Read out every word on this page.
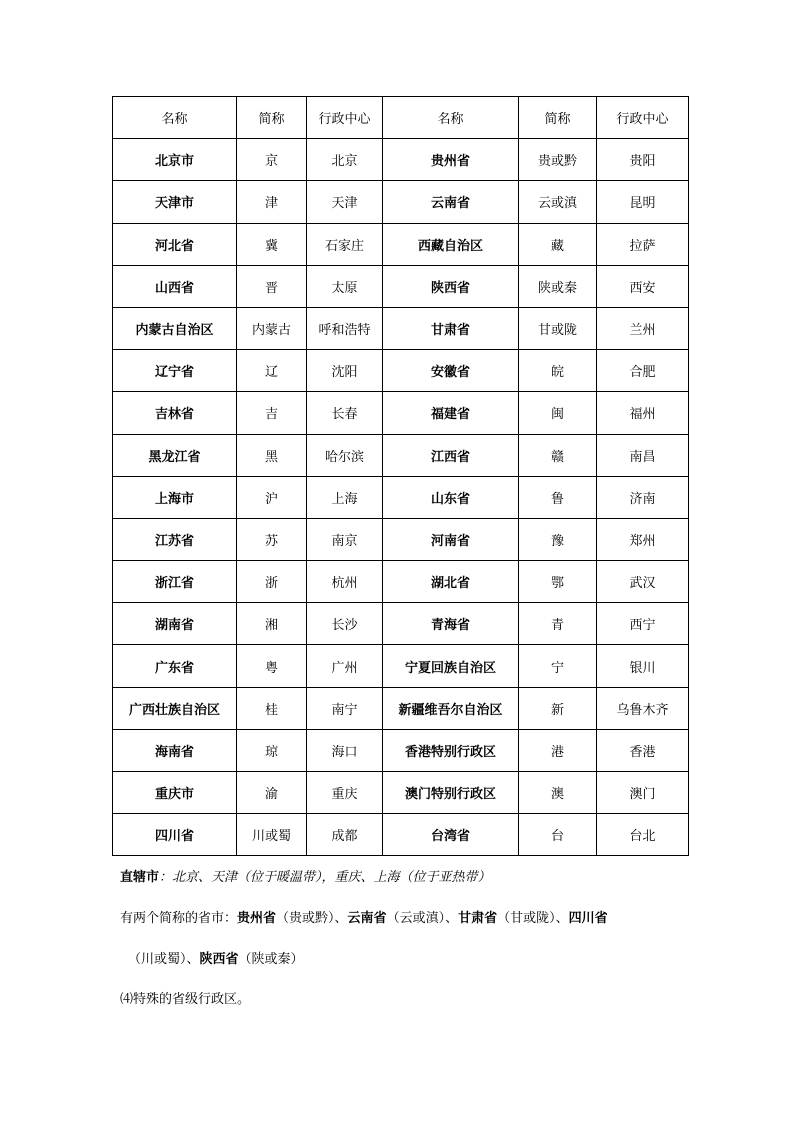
名称	简称	行政中心	名称	简称	行政中心
北京市	京	北京	贵州省	贵或黔	贵阳
天津市	津	天津	云南省	云或滇	昆明
河北省	冀	石家庄	西藏自治区	藏	拉萨
山西省	晋	太原	陕西省	陕或秦	西安
内蒙古自治区	内蒙古	呼和浩特	甘肃省	甘或陇	兰州
辽宁省	辽	沈阳	安徽省	皖	合肥
吉林省	吉	长春	福建省	闽	福州
黑龙江省	黑	哈尔滨	江西省	赣	南昌
上海市	沪	上海	山东省	鲁	济南
江苏省	苏	南京	河南省	豫	郑州
浙江省	浙	杭州	湖北省	鄂	武汉
湖南省	湘	长沙	青海省	青	西宁
广东省	粤	广州	宁夏回族自治区	宁	银川
广西壮族自治区	桂	南宁	新疆维吾尔自治区	新	乌鲁木齐
海南省	琼	海口	香港特别行政区	港	香港
重庆市	渝	重庆	澳门特别行政区	澳	澳门
四川省	川或蜀	成都	台湾省	台	台北

直辖市：北京、天津（位于暖温带），重庆、上海（位于亚热带）

有两个简称的省市：贵州省（贵或黔）、云南省（云或滇）、甘肃省（甘或陇）、四川省

（川或蜀）、陕西省（陕或秦）

⑷特殊的省级行政区。
